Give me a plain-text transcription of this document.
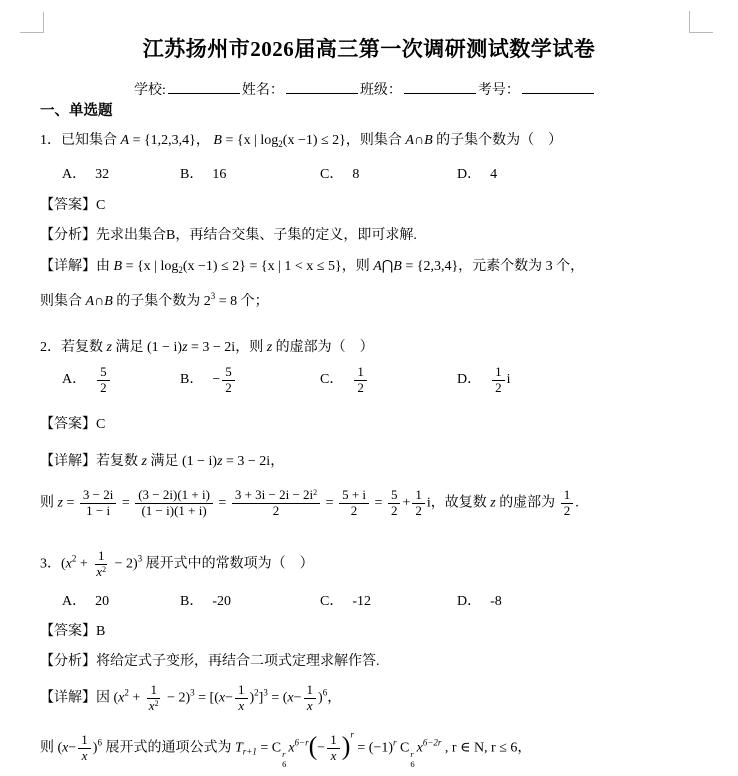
江苏扬州市2026届高三第一次调研测试数学试卷
学校:	姓名：	班级：	考号：
一、单选题
1．已知集合 A = {1,2,3,4}， B = {x | $\log_2(x -1) \le 2$}，则集合 A∩B 的子集个数为（　）
A． 32	B． 16	C． 8	D． 4
【答案】C
【分析】先求出集合B，再结合交集、子集的定义，即可求解.
【详解】由 B = {x | $\log_2(x -1) \le 2\} = \{x$ | 1 < x ≤ 5}，则 A⋂B = {2,3,4}，元素个数为 3 个，
则集合 A∩B 的子集个数为 $2^3 = 8$ 个；
2．若复数 z 满足 (1 − i)z = 3 − 2i，则 z 的虚部为（　）
A． $\frac{5}{2}$	B． − $\frac{5}{2}$	C． $\frac{1}{2}$	D． $\frac{1}{2}$ i
【答案】C
【详解】若复数 z 满足 (1 − i)z = 3 − 2i，
则 $z = \frac{3 - 2i}{1 - i} = \frac{(3 - 2i)(1 + i)}{(1 - i)(1 + i)} = \frac{3 + 3i - 2i - 2i^2}{2} = \frac{5 + i}{2} = \frac{5}{2} + \frac{1}{2}$ i，故复数 z 的虚部为 $\frac{1}{2}$ .
3．$(x^2 + \frac{1}{x^2} - 2)^3$ 展开式中的常数项为（　）
A． 20	B． -20	C． -12	D． -8
【答案】B
【分析】将给定式子变形，再结合二项式定理求解作答.
【详解】因 $(x^2 + \frac{1}{x^2} - 2)^3 = [(x- \frac{1}{x} )^2]^3 = (x- \frac{1}{x} )^6$，
则 $(x- \frac{1}{x} )^6$ 展开式的通项公式为 $T_{r+1} = C$ r
6
$x^{6-r}(- \frac{1}{x} )^r = (-1)^r$ C r
6
$x^{6-2r}$ , r ∈ N, r ≤ 6，
